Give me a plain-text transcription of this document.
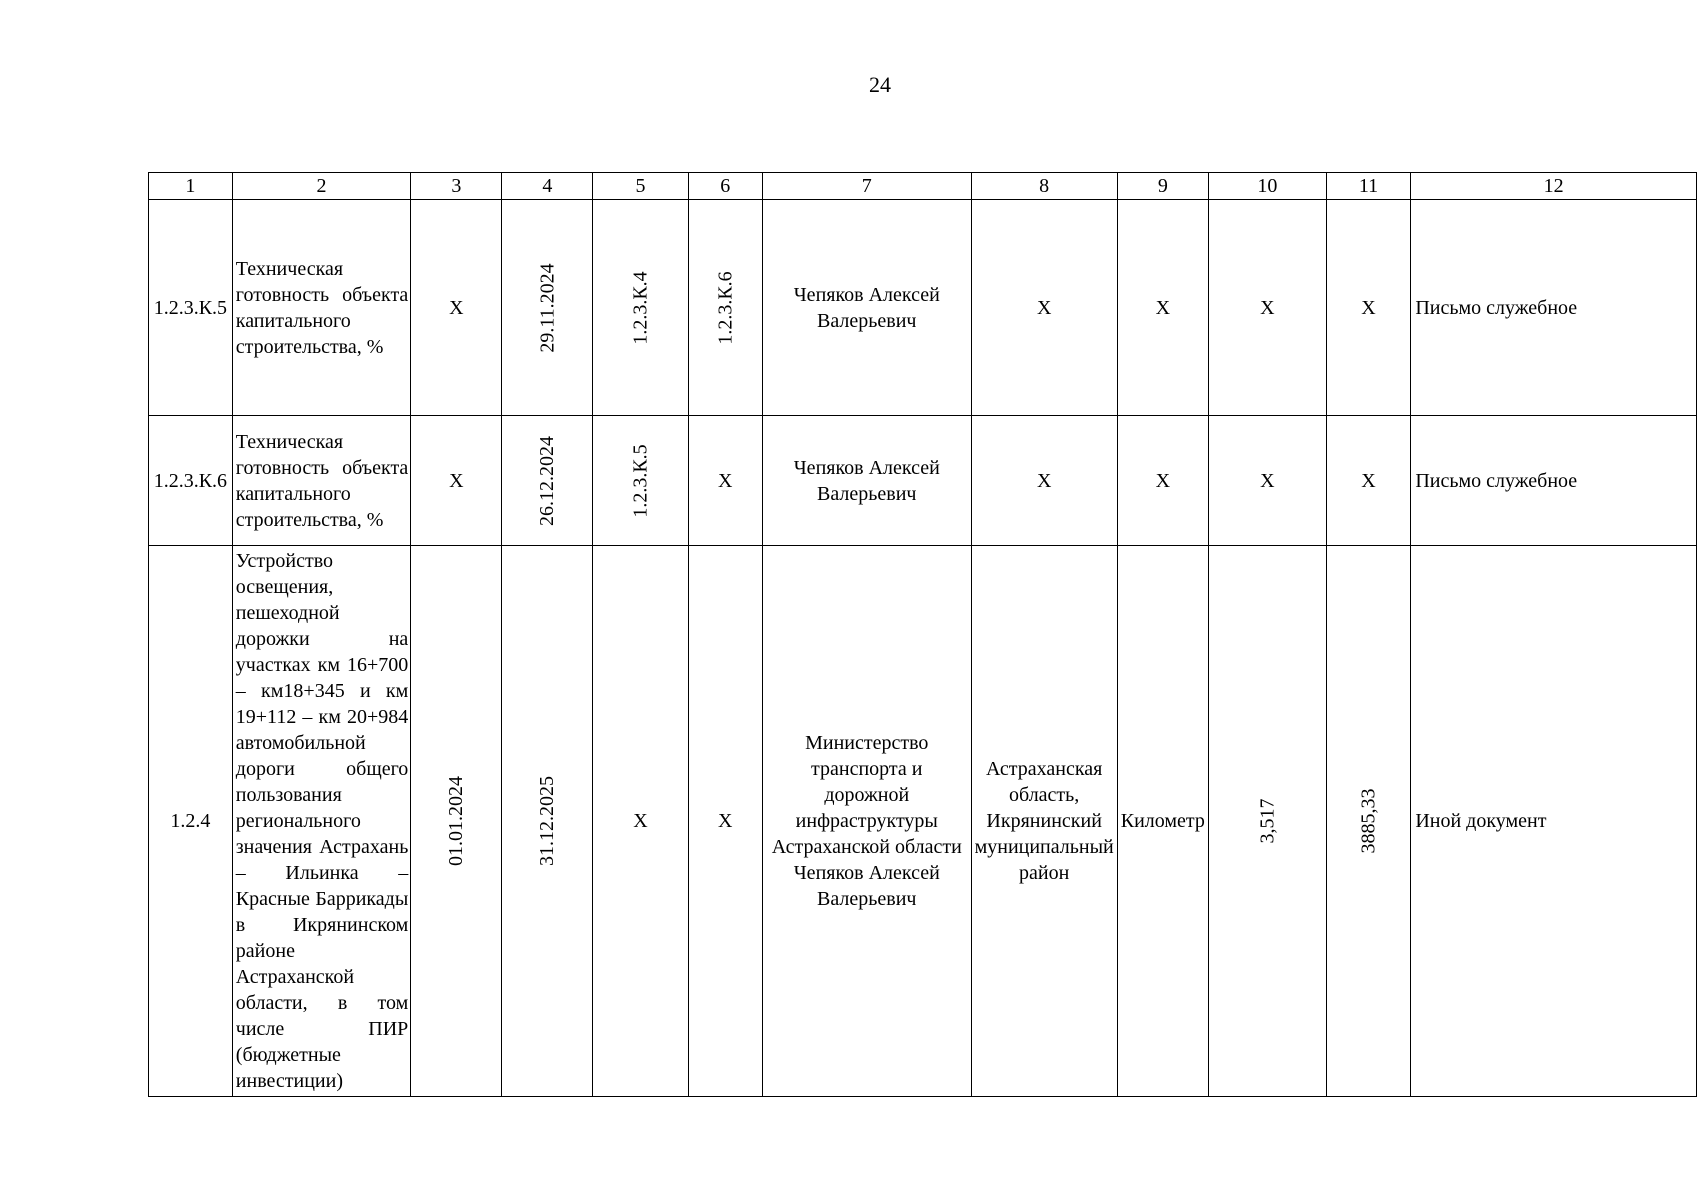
24
1	2	3	4	5	6	7	8	9	10	11	12
1.2.3.К.5	Техническая готовность объекта капитального строительства, %	X	29.11.2024	1.2.3.К.4	1.2.3.К.6	Чепяков Алексей Валерьевич	X	X	X	X	Письмо служебное
1.2.3.К.6	Техническая готовность объекта капитального строительства, %	X	26.12.2024	1.2.3.К.5	X	Чепяков Алексей Валерьевич	X	X	X	X	Письмо служебное
1.2.4	Устройство освещения, пешеходной дорожки на участках км 16+700 – км18+345 и км 19+112 – км 20+984 автомобильной дороги общего пользования регионального значения Астрахань – Ильинка – Красные Баррикады в Икрянинском районе Астраханской области, в том числе ПИР (бюджетные инвестиции)	01.01.2024	31.12.2025	X	X	Министерство транспорта и дорожной инфраструктуры Астраханской области Чепяков Алексей Валерьевич	Астраханская область, Икрянинский муниципальный район	Километр	3,517	3885,33	Иной документ
